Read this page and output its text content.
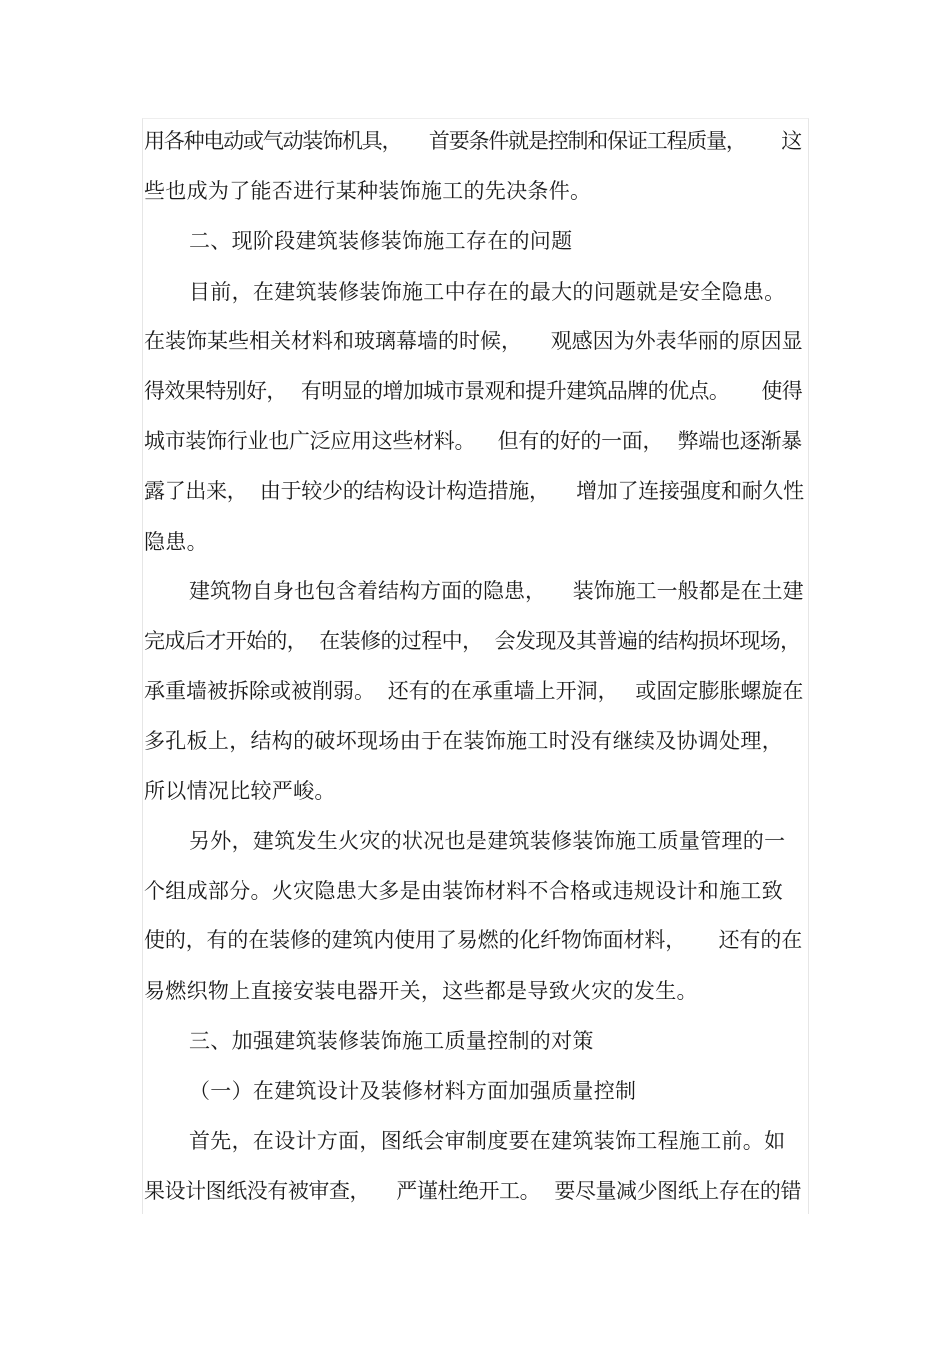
用各种电动或气动装饰机具， 首要条件就是控制和保证工程质量， 这
些也成为了能否进行某种装饰施工的先决条件。
二、现阶段建筑装修装饰施工存在的问题
目前，在建筑装修装饰施工中存在的最大的问题就是安全隐患。
在装饰某些相关材料和玻璃幕墙的时候， 观感因为外表华丽的原因显
得效果特别好， 有明显的增加城市景观和提升建筑品牌的优点。 使得
城市装饰行业也广泛应用这些材料。 但有的好的一面， 弊端也逐渐暴
露了出来， 由于较少的结构设计构造措施， 增加了连接强度和耐久性
隐患。
建筑物自身也包含着结构方面的隐患， 装饰施工一般都是在土建
完成后才开始的， 在装修的过程中， 会发现及其普遍的结构损坏现场，
承重墙被拆除或被削弱。 还有的在承重墙上开洞， 或固定膨胀螺旋在
多孔板上，结构的破坏现场由于在装饰施工时没有继续及协调处理，
所以情况比较严峻。
另外，建筑发生火灾的状况也是建筑装修装饰施工质量管理的一
个组成部分。火灾隐患大多是由装饰材料不合格或违规设计和施工致
使的，有的在装修的建筑内使用了易燃的化纤物饰面材料， 还有的在
易燃织物上直接安装电器开关，这些都是导致火灾的发生。
三、加强建筑装修装饰施工质量控制的对策
（一）在建筑设计及装修材料方面加强质量控制
首先，在设计方面，图纸会审制度要在建筑装饰工程施工前。如
果设计图纸没有被审查， 严谨杜绝开工。 要尽量减少图纸上存在的错
